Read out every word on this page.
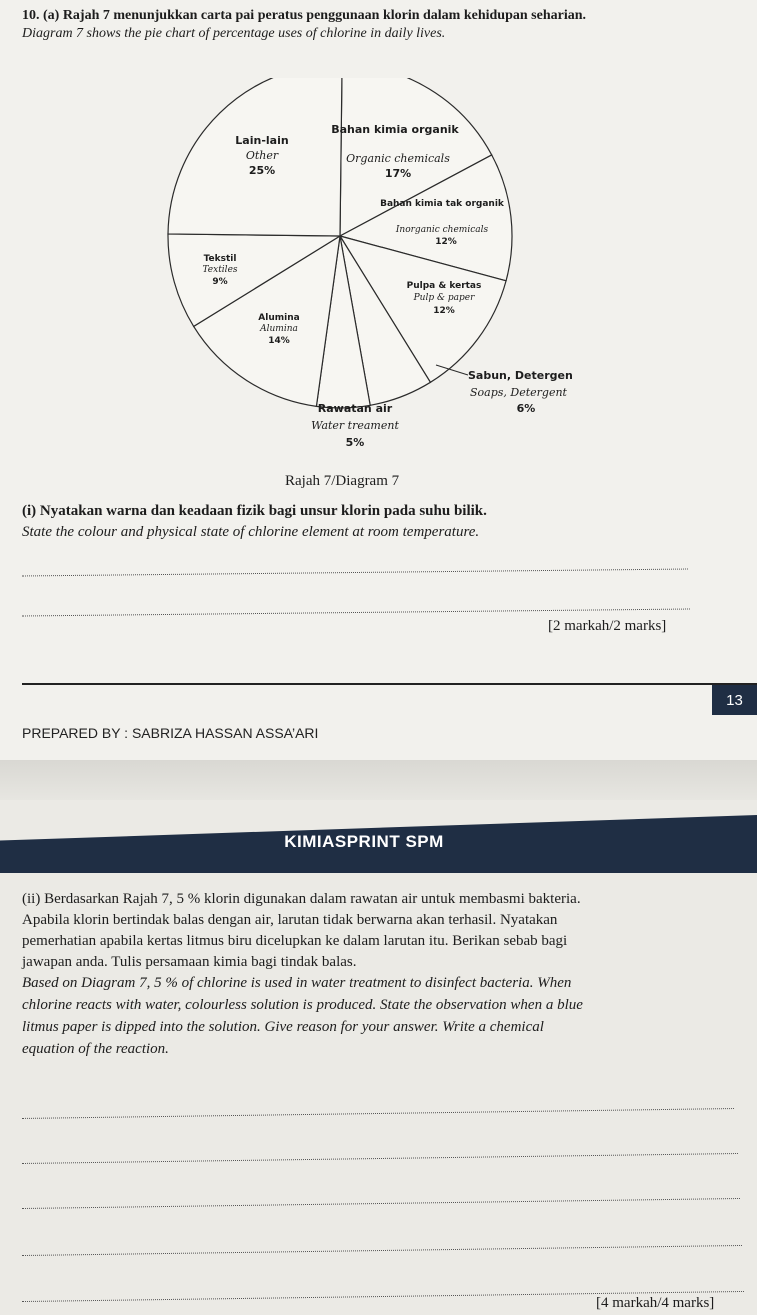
10. (a) Rajah 7 menunjukkan carta pai peratus penggunaan klorin dalam kehidupan seharian.

Diagram 7 shows the pie chart of percentage uses of chlorine in daily lives.

Lain-lain
Other
25%
Bahan kimia organik
Organic chemicals
17%
Bahan kimia tak organik
Inorganic chemicals
12%
Tekstil
Textiles
9%	Pulpa & kertas
Pulp & paper
12%
Alumina
Alumina
14%
Sabun, Detergen
Soaps, Detergent
6%
Rawatan air
Water treament
5%

Rajah 7/Diagram 7

(i) Nyatakan warna dan keadaan fizik bagi unsur klorin pada suhu bilik.

State the colour and physical state of chlorine element at room temperature.

[2 markah/2 marks]

13

PREPARED BY : SABRIZA HASSAN ASSA’ARI

KIMIASPRINT SPM

(ii) Berdasarkan Rajah 7, 5 % klorin digunakan dalam rawatan air untuk membasmi bakteria.

Apabila klorin bertindak balas dengan air, larutan tidak berwarna akan terhasil. Nyatakan

pemerhatian apabila kertas litmus biru dicelupkan ke dalam larutan itu. Berikan sebab bagi

jawapan anda. Tulis persamaan kimia bagi tindak balas.

Based on Diagram 7, 5 % of chlorine is used in water treatment to disinfect bacteria. When

chlorine reacts with water, colourless solution is produced. State the observation when a blue

litmus paper is dipped into the solution. Give reason for your answer. Write a chemical

equation of the reaction.

[4 markah/4 marks]
